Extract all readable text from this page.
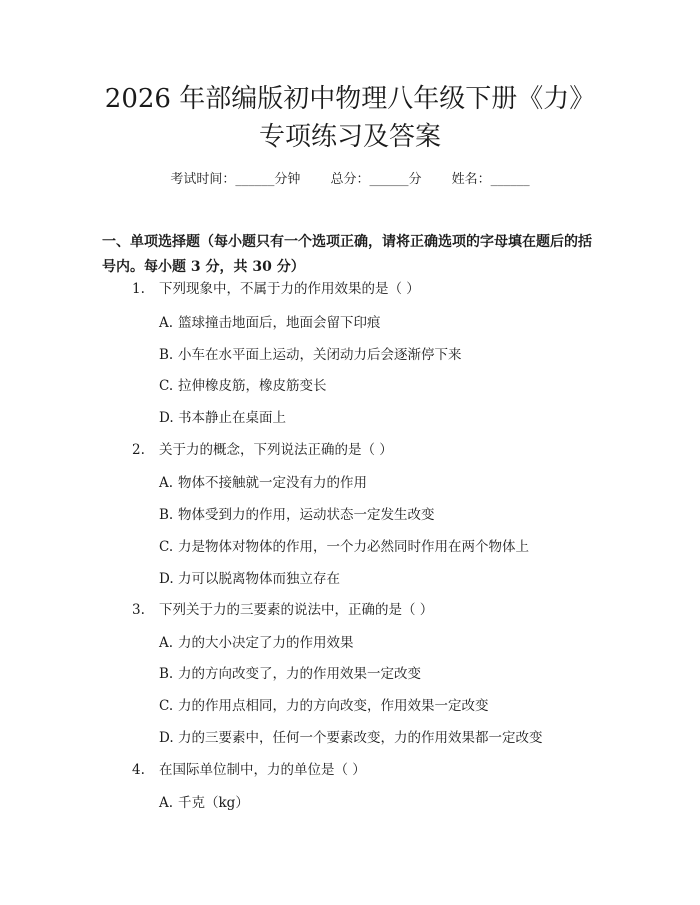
2026 年部编版初中物理八年级下册《力》专项练习及答案
考试时间：______分钟 总分：______分 姓名：______
一、单项选择题（每小题只有一个选项正确，请将正确选项的字母填在题后的括号内。每小题 3 分，共 30 分）
1. 下列现象中，不属于力的作用效果的是（ ）
A. 篮球撞击地面后，地面会留下印痕
B. 小车在水平面上运动，关闭动力后会逐渐停下来
C. 拉伸橡皮筋，橡皮筋变长
D. 书本静止在桌面上
2. 关于力的概念，下列说法正确的是（ ）
A. 物体不接触就一定没有力的作用
B. 物体受到力的作用，运动状态一定发生改变
C. 力是物体对物体的作用，一个力必然同时作用在两个物体上
D. 力可以脱离物体而独立存在
3. 下列关于力的三要素的说法中，正确的是（ ）
A. 力的大小决定了力的作用效果
B. 力的方向改变了，力的作用效果一定改变
C. 力的作用点相同，力的方向改变，作用效果一定改变
D. 力的三要素中，任何一个要素改变，力的作用效果都一定改变
4. 在国际单位制中，力的单位是（ ）
A. 千克（kg）
